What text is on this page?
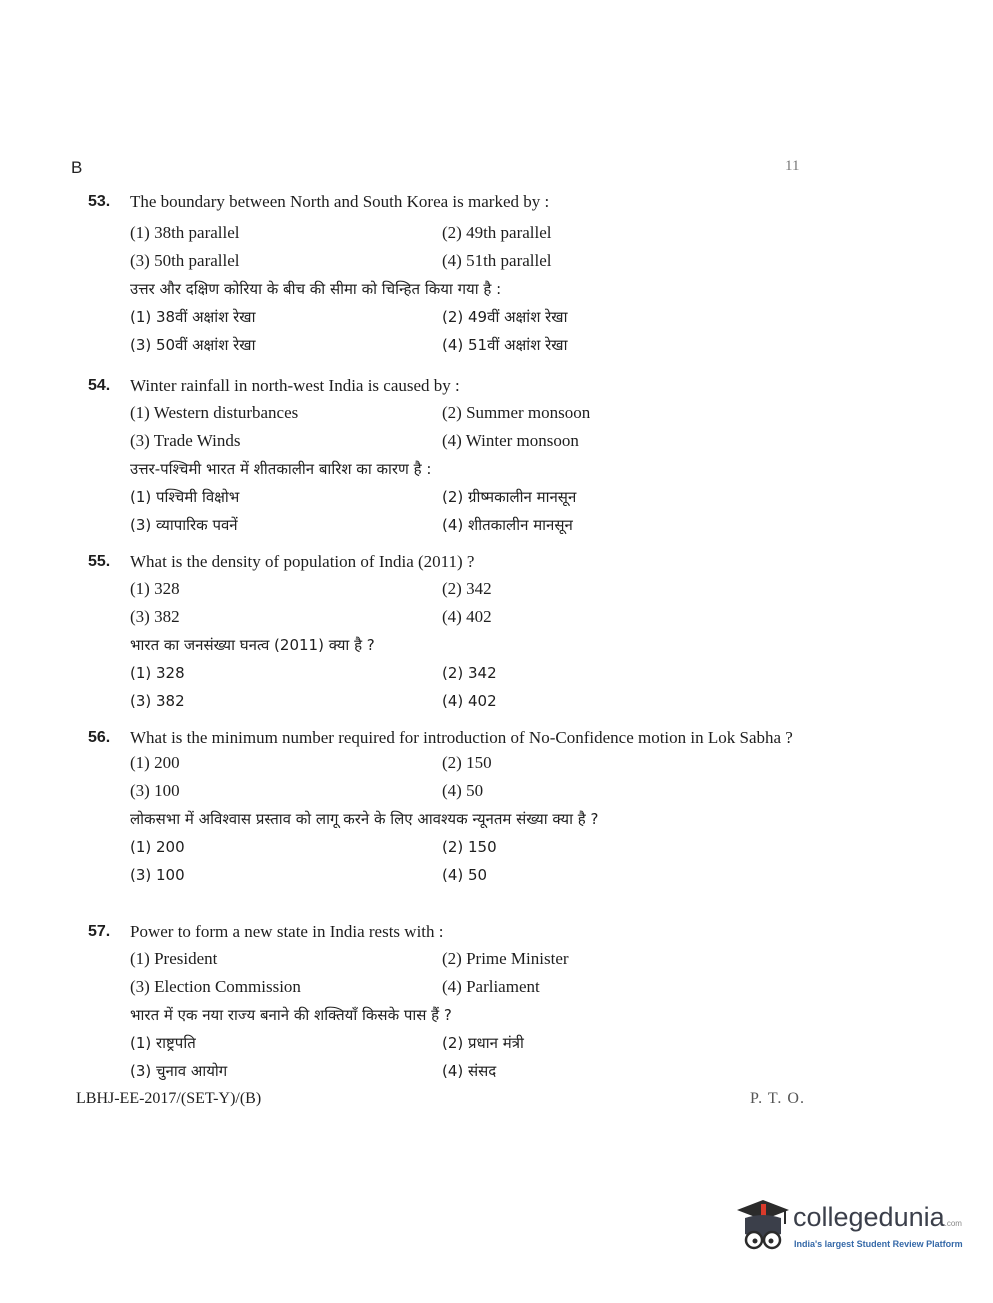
B	11
53.	The boundary between North and South Korea is marked by :
(1) 38th parallel	(2) 49th parallel
(3) 50th parallel	(4) 51th parallel
उत्तर और दक्षिण कोरिया के बीच की सीमा को चिन्हित किया गया है :
(1) 38वीं अक्षांश रेखा	(2) 49वीं अक्षांश रेखा
(3) 50वीं अक्षांश रेखा	(4) 51वीं अक्षांश रेखा
54.	Winter rainfall in north-west India is caused by :
(1) Western disturbances	(2) Summer monsoon
(3) Trade Winds	(4) Winter monsoon
उत्तर-पश्चिमी भारत में शीतकालीन बारिश का कारण है :
(1) पश्चिमी विक्षोभ	(2) ग्रीष्मकालीन मानसून
(3) व्यापारिक पवनें	(4) शीतकालीन मानसून
55.	What is the density of population of India (2011) ?
(1) 328	(2) 342
(3) 382	(4) 402
भारत का जनसंख्या घनत्व (2011) क्या है ?
(1) 328	(2) 342
(3) 382	(4) 402
56.	What is the minimum number required for introduction of No-Confidence motion in Lok Sabha ?
(1) 200	(2) 150
(3) 100	(4) 50
लोकसभा में अविश्वास प्रस्ताव को लागू करने के लिए आवश्यक न्यूनतम संख्या क्या है ?
(1) 200	(2) 150
(3) 100	(4) 50
57.	Power to form a new state in India rests with :
(1) President	(2) Prime Minister
(3) Election Commission	(4) Parliament
भारत में एक नया राज्य बनाने की शक्तियाँ किसके पास हैं ?
(1) राष्ट्रपति	(2) प्रधान मंत्री
(3) चुनाव आयोग	(4) संसद
LBHJ-EE-2017/(SET-Y)/(B)	P. T. O.
collegedunia.com
India's largest Student Review Platform
